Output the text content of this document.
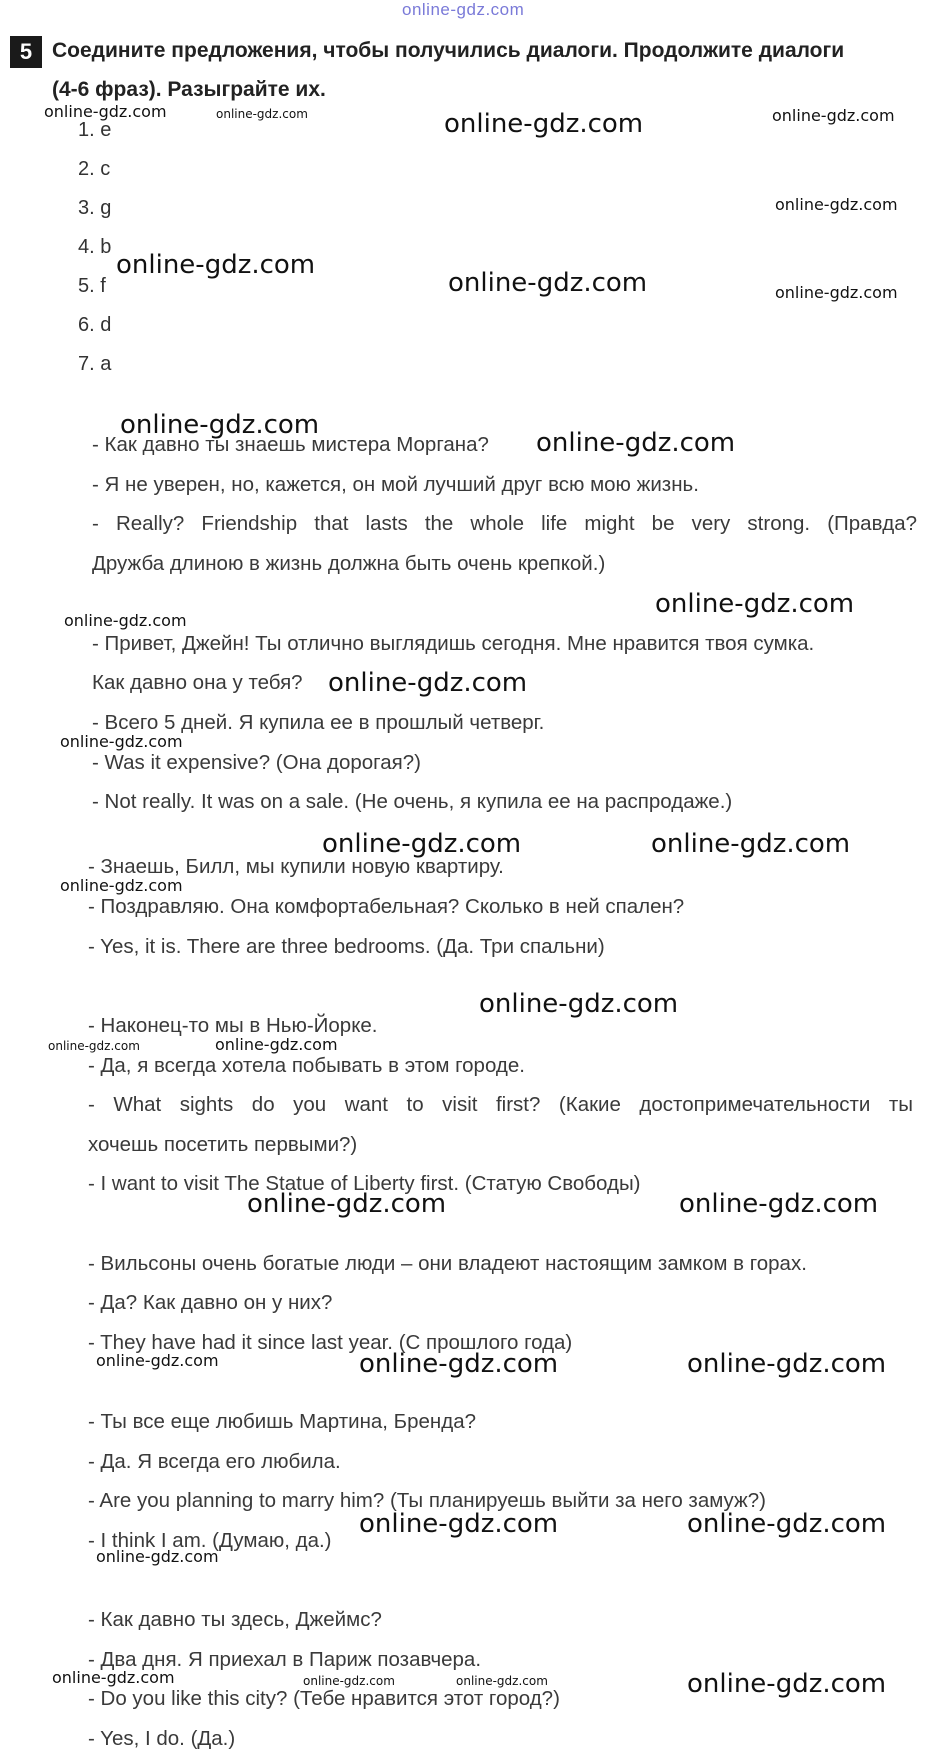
online-gdz.com
5 Соедините предложения, чтобы получились диалоги. Продолжите диалоги
(4-6 фраз). Разыграйте их.
1. e
2. c
3. g
4. b
5. f
6. d
7. a
- Как давно ты знаешь мистера Моргана?
- Я не уверен, но, кажется, он мой лучший друг всю мою жизнь.
- Really? Friendship that lasts the whole life might be very strong. (Правда?
Дружба длиною в жизнь должна быть очень крепкой.)
- Привет, Джейн! Ты отлично выглядишь сегодня. Мне нравится твоя сумка.
Как давно она у тебя?
- Всего 5 дней. Я купила ее в прошлый четверг.
- Was it expensive? (Она дорогая?)
- Not really. It was on a sale. (Не очень, я купила ее на распродаже.)
- Знаешь, Билл, мы купили новую квартиру.
- Поздравляю. Она комфортабельная? Сколько в ней спален?
- Yes, it is. There are three bedrooms. (Да. Три спальни)
- Наконец-то мы в Нью-Йорке.
- Да, я всегда хотела побывать в этом городе.
- What sights do you want to visit first? (Какие достопримечательности ты
хочешь посетить первыми?)
- I want to visit The Statue of Liberty first. (Статую Свободы)
- Вильсоны очень богатые люди – они владеют настоящим замком в горах.
- Да? Как давно он у них?
- They have had it since last year. (С прошлого года)
- Ты все еще любишь Мартина, Бренда?
- Да. Я всегда его любила.
- Are you planning to marry him? (Ты планируешь выйти за него замуж?)
- I think I am. (Думаю, да.)
- Как давно ты здесь, Джеймс?
- Два дня. Я приехал в Париж позавчера.
- Do you like this city? (Тебе нравится этот город?)
- Yes, I do. (Да.)
online-gdz.com	online-gdz.com	online-gdz.com	online-gdz.com
online-gdz.com
online-gdz.com
online-gdz.com	online-gdz.com
online-gdz.com
online-gdz.com
online-gdz.com
online-gdz.com
online-gdz.com
online-gdz.com
online-gdz.com	online-gdz.com
online-gdz.com
online-gdz.com
online-gdz.com	online-gdz.com
online-gdz.com	online-gdz.com
online-gdz.com	online-gdz.com	online-gdz.com
online-gdz.com	online-gdz.com
online-gdz.com
online-gdz.com	online-gdz.com	online-gdz.com	online-gdz.com
